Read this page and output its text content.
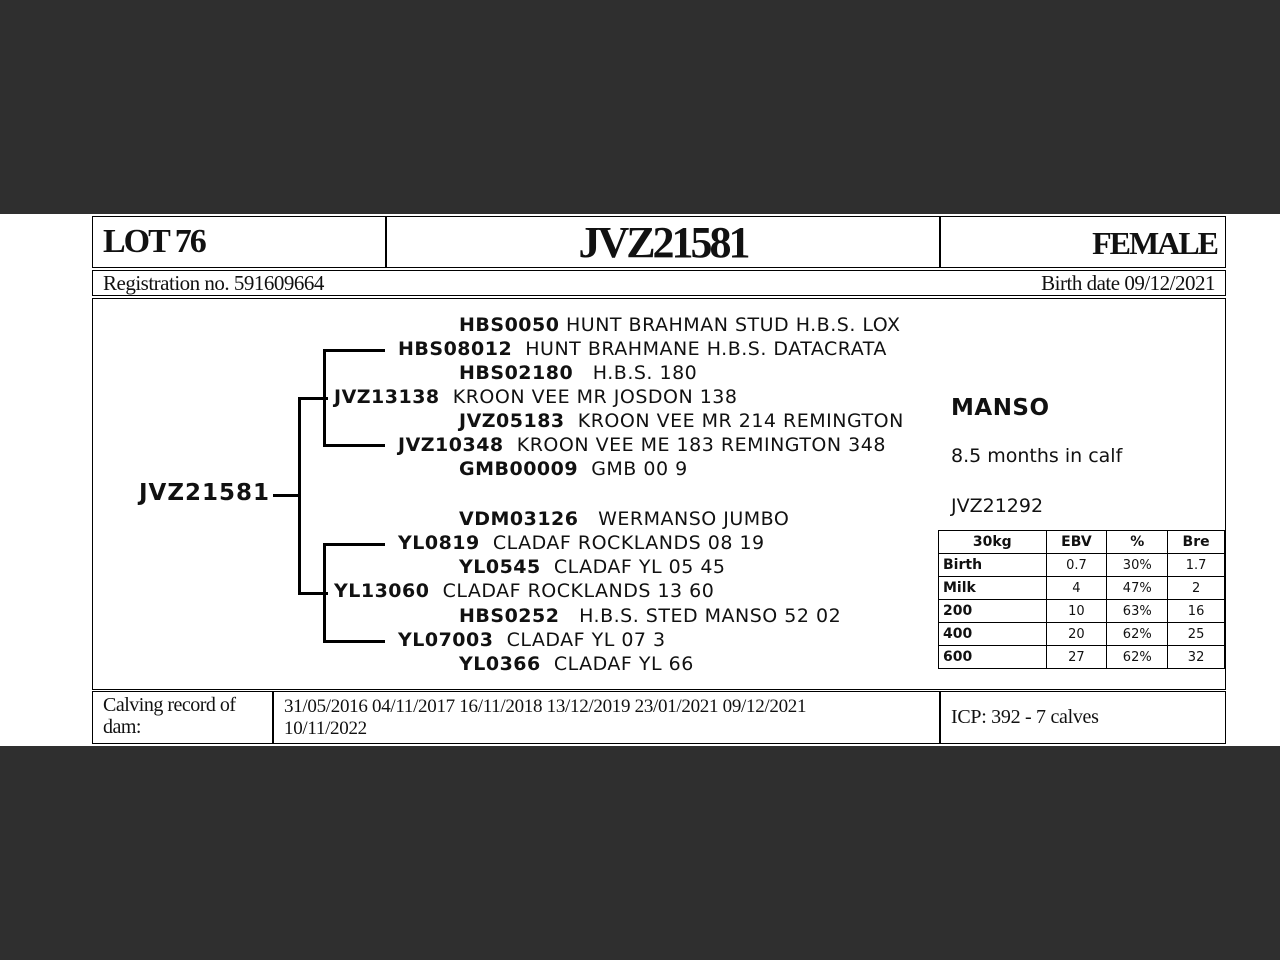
LOT 76	JVZ21581	FEMALE
Registration no. 591609664	Birth date 09/12/2021
JVZ21581
HBS0050 HUNT BRAHMAN STUD H.B.S. LOX
HBS08012 HUNT BRAHMANE H.B.S. DATACRATA
HBS02180 H.B.S. 180
JVZ13138 KROON VEE MR JOSDON 138
JVZ05183 KROON VEE MR 214 REMINGTON
JVZ10348 KROON VEE ME 183 REMINGTON 348
GMB00009 GMB 00 9
VDM03126 WERMANSO JUMBO
YL0819 CLADAF ROCKLANDS 08 19
YL0545 CLADAF YL 05 45
YL13060 CLADAF ROCKLANDS 13 60
HBS0252 H.B.S. STED MANSO 52 02
YL07003 CLADAF YL 07 3
YL0366 CLADAF YL 66
MANSO
8.5 months in calf
JVZ21292
30kg	EBV	%	Bre
Birth	0.7	30%	1.7
Milk	4	47%	2
200	10	63%	16
400	20	62%	25
600	27	62%	32
Calving record of dam:
31/05/2016 04/11/2017 16/11/2018 13/12/2019 23/01/2021 09/12/2021 10/11/2022
ICP: 392 - 7 calves
